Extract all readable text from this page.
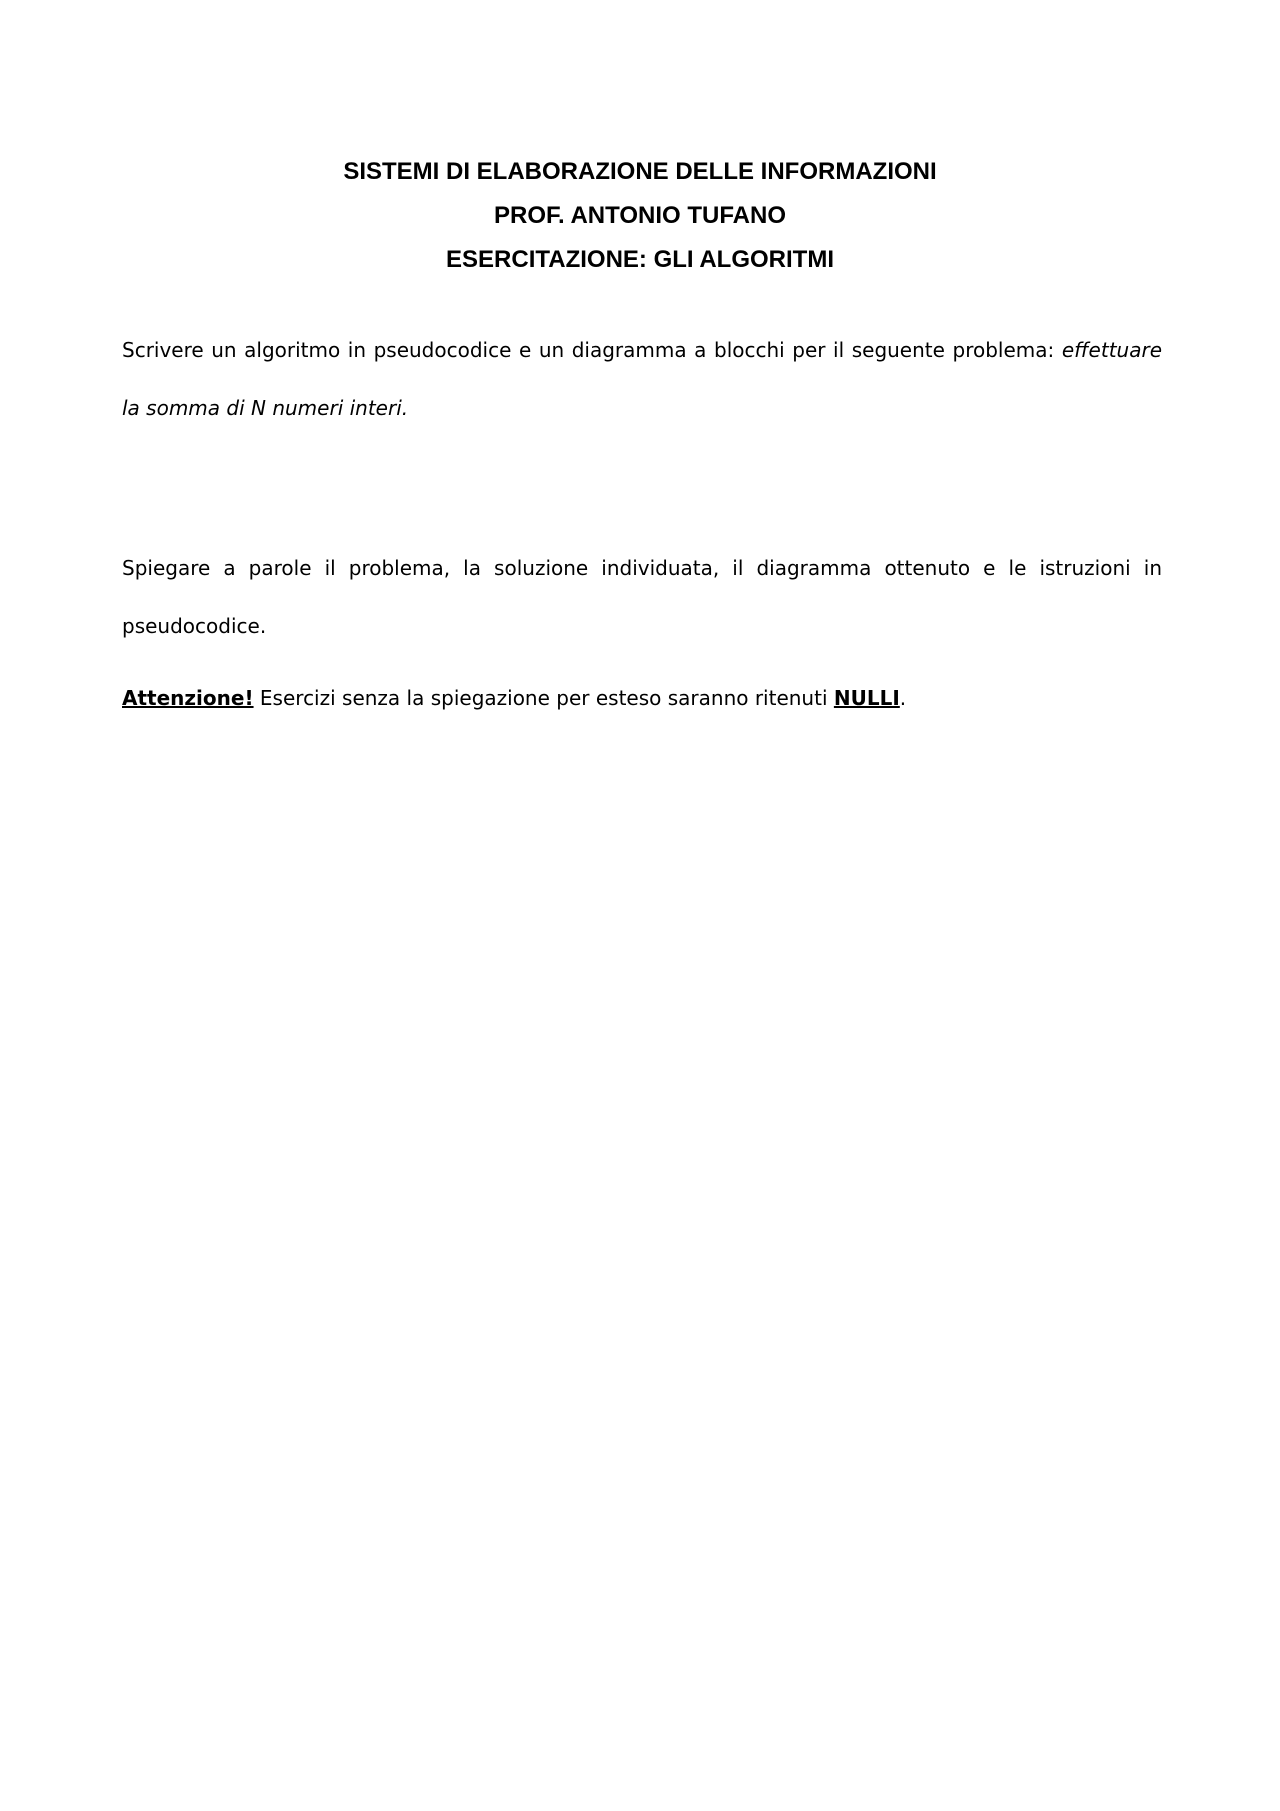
SISTEMI DI ELABORAZIONE DELLE INFORMAZIONI
PROF. ANTONIO TUFANO
ESERCITAZIONE: GLI ALGORITMI

Scrivere un algoritmo in pseudocodice e un diagramma a blocchi per il seguente problema: effettuare la somma di N numeri interi.

Spiegare a parole il problema, la soluzione individuata, il diagramma ottenuto e le istruzioni in pseudocodice.

Attenzione! Esercizi senza la spiegazione per esteso saranno ritenuti NULLI.
